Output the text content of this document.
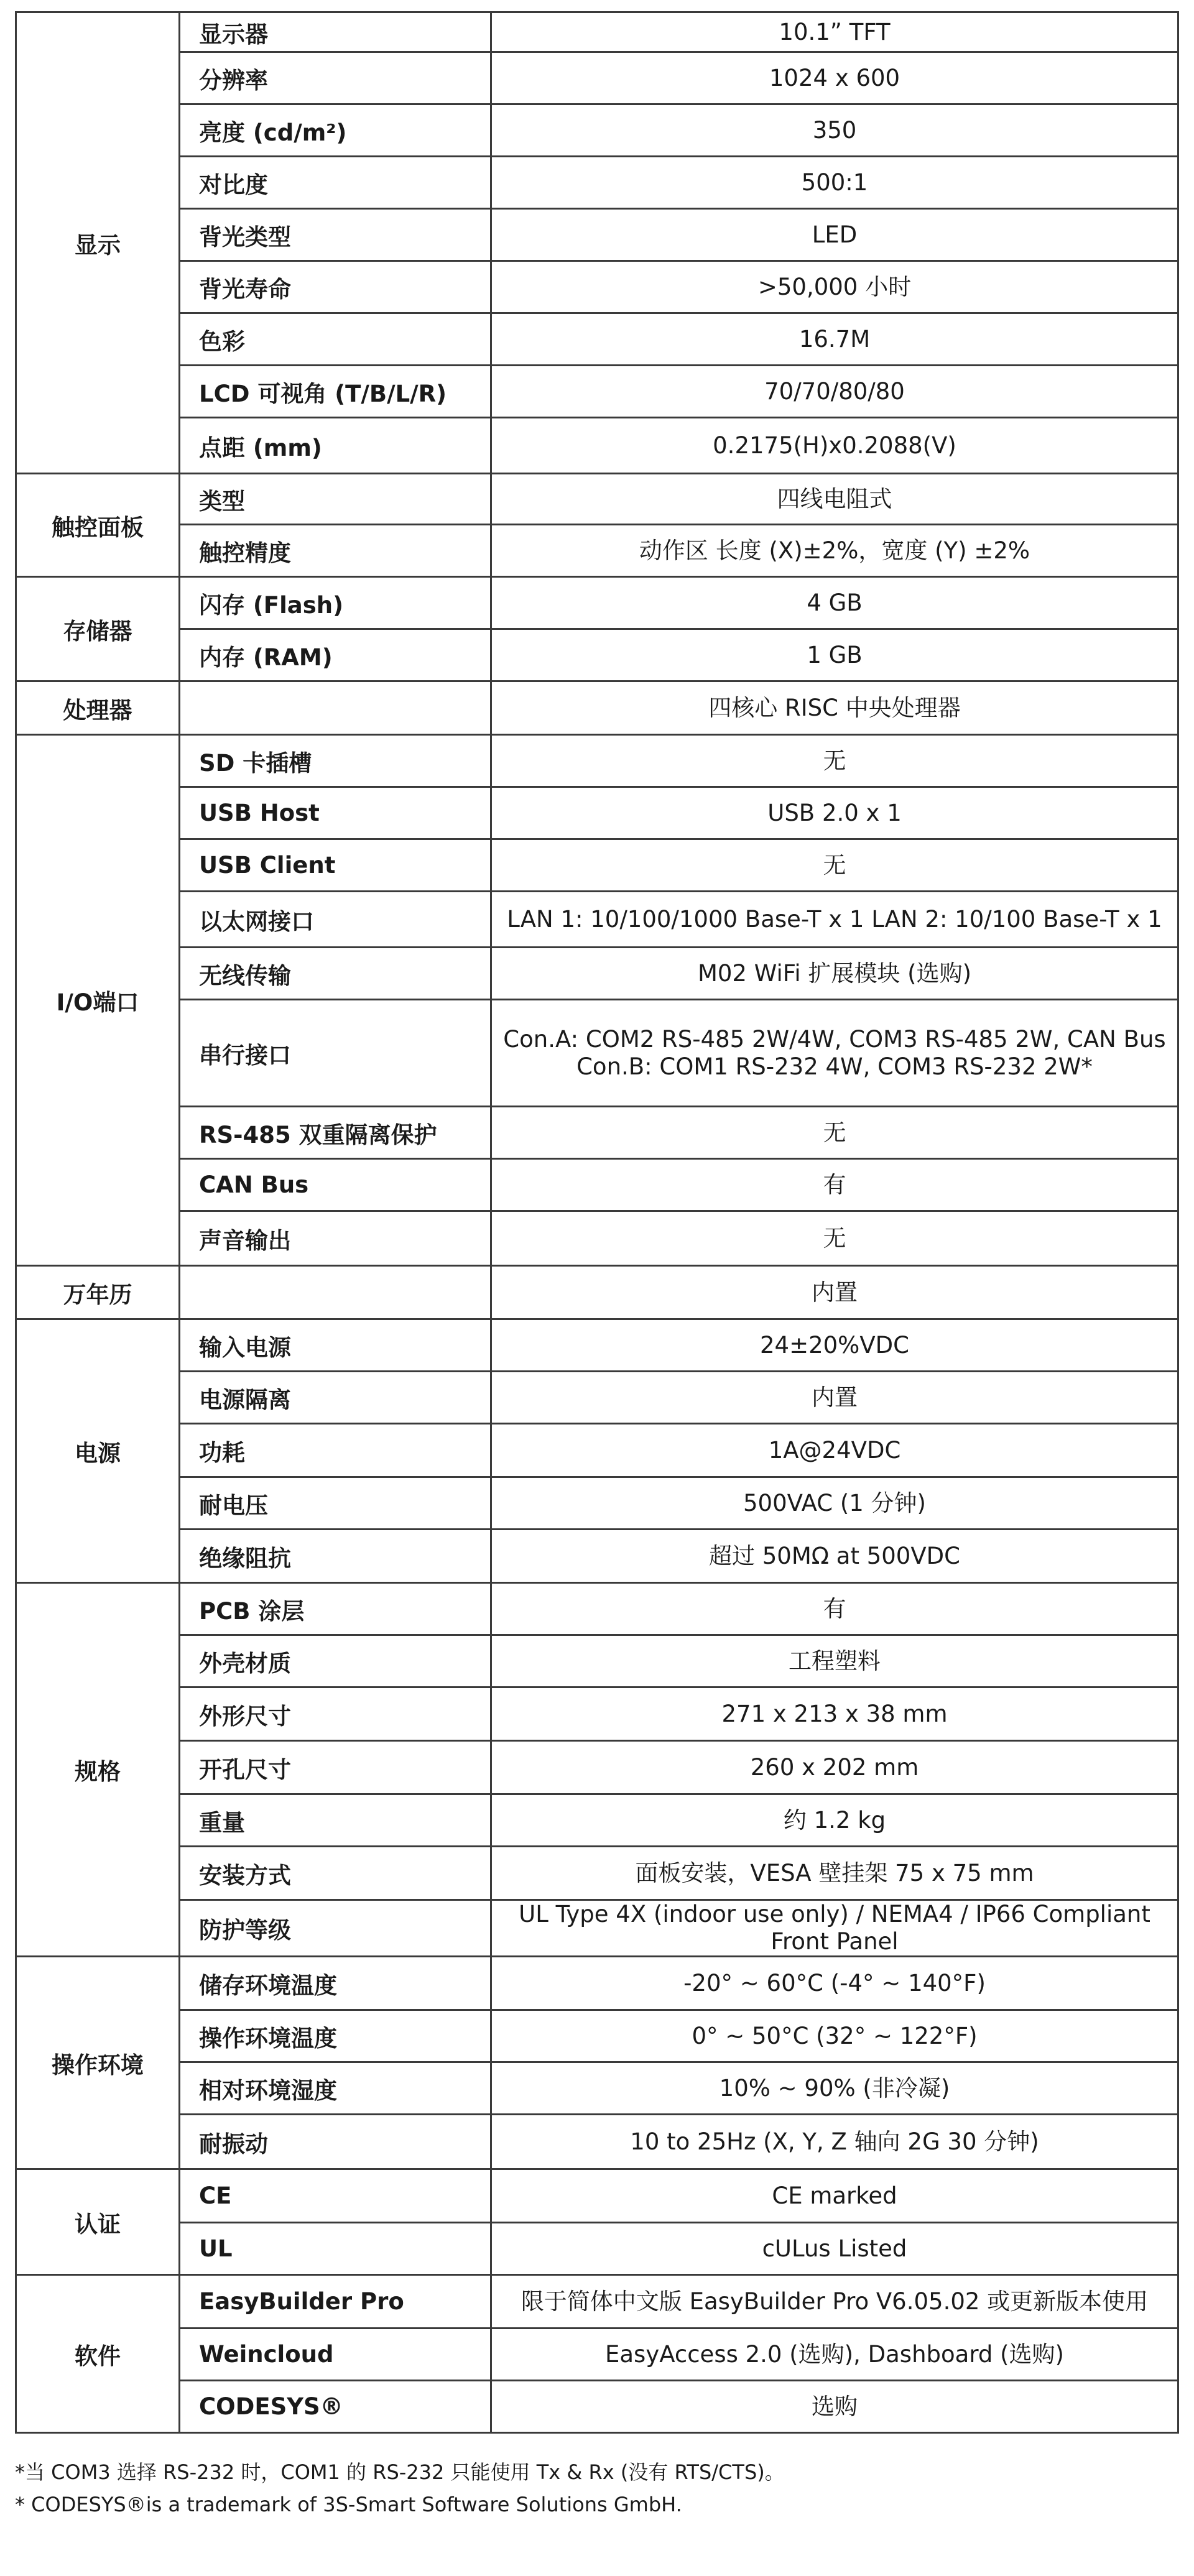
显示	显示器	10.1” TFT
	分辨率	1024 x 600
	亮度 (cd/m²)	350
	对比度	500:1
	背光类型	LED
	背光寿命	>50,000 小时
	色彩	16.7M
	LCD 可视角 (T/B/L/R)	70/70/80/80
	点距 (mm)	0.2175(H)x0.2088(V)
触控面板	类型	四线电阻式
	触控精度	动作区 长度 (X)±2%，宽度 (Y) ±2%
存储器	闪存 (Flash)	4 GB
	内存 (RAM)	1 GB
处理器		四核心 RISC 中央处理器
I/O端口	SD 卡插槽	无
	USB Host	USB 2.0 x 1
	USB Client	无
	以太网接口	LAN 1: 10/100/1000 Base-T x 1 LAN 2: 10/100 Base-T x 1
	无线传输	M02 WiFi 扩展模块 (选购)
	串行接口	Con.A: COM2 RS-485 2W/4W, COM3 RS-485 2W, CAN Bus
Con.B: COM1 RS-232 4W, COM3 RS-232 2W*
	RS-485 双重隔离保护	无
	CAN Bus	有
	声音输出	无
万年历		内置
电源	输入电源	24±20%VDC
	电源隔离	内置
	功耗	1A@24VDC
	耐电压	500VAC (1 分钟)
	绝缘阻抗	超过 50MΩ at 500VDC
规格	PCB 涂层	有
	外壳材质	工程塑料
	外形尺寸	271 x 213 x 38 mm
	开孔尺寸	260 x 202 mm
	重量	约 1.2 kg
	安装方式	面板安装，VESA 壁挂架 75 x 75 mm
	防护等级	UL Type 4X (indoor use only) / NEMA4 / IP66 Compliant Front Panel
操作环境	储存环境温度	-20° ~ 60°C (-4° ~ 140°F)
	操作环境温度	0° ~ 50°C (32° ~ 122°F)
	相对环境湿度	10% ~ 90% (非冷凝)
	耐振动	10 to 25Hz (X, Y, Z 轴向 2G 30 分钟)
认证	CE	CE marked
	UL	cULus Listed
软件	EasyBuilder Pro	限于简体中文版 EasyBuilder Pro V6.05.02 或更新版本使用
	Weincloud	EasyAccess 2.0 (选购), Dashboard (选购)
	CODESYS®	选购
*当 COM3 选择 RS-232 时，COM1 的 RS-232 只能使用 Tx & Rx (没有 RTS/CTS)。
* CODESYS®is a trademark of 3S-Smart Software Solutions GmbH.
